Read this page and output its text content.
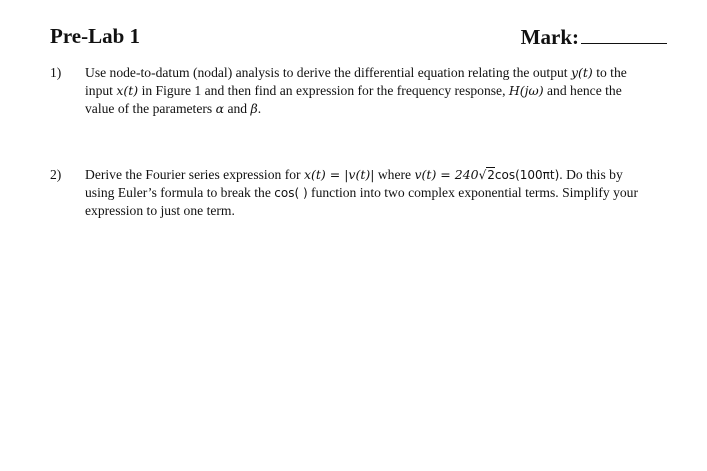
Pre-Lab 1	Mark:
1)	Use node-to-datum (nodal) analysis to derive the differential equation relating the output y(t) to the
input x(t) in Figure 1 and then find an expression for the frequency response, H(jω) and hence the
value of the parameters α and β.
2)	Derive the Fourier series expression for x(t) = |v(t)| where v(t) = 240√2cos(100πt). Do this by
using Euler’s formula to break the cos( ) function into two complex exponential terms. Simplify your
expression to just one term.
